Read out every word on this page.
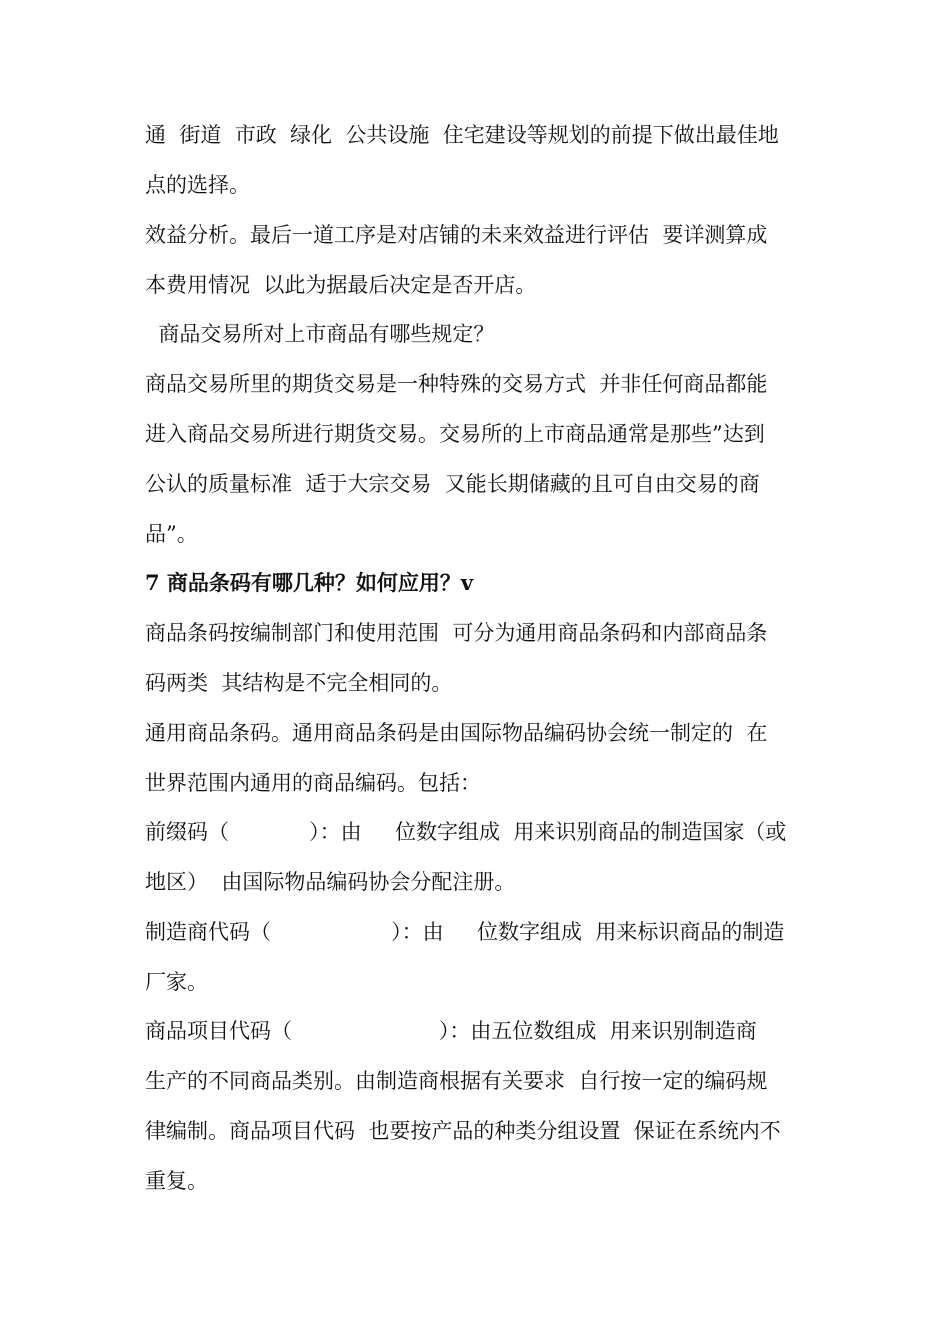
通  街道  市政  绿化  公共设施  住宅建设等规划的前提下做出最佳地
点的选择。
效益分析。最后一道工序是对店铺的未来效益进行评估  要详测算成
本费用情况  以此为据最后决定是否开店。
商品交易所对上市商品有哪些规定？
商品交易所里的期货交易是一种特殊的交易方式  并非任何商品都能
进入商品交易所进行期货交易。交易所的上市商品通常是那些”达到
公认的质量标准  适于大宗交易  又能长期储藏的且可自由交易的商
品”。
7 商品条码有哪几种？如何应用？v
商品条码按编制部门和使用范围  可分为通用商品条码和内部商品条
码两类  其结构是不完全相同的。
通用商品条码。通用商品条码是由国际物品编码协会统一制定的  在
世界范围内通用的商品编码。包括：
前缀码（            ）：由     位数字组成  用来识别商品的制造国家（或
地区）  由国际物品编码协会分配注册。
制造商代码（                  ）：由     位数字组成  用来标识商品的制造
厂家。
商品项目代码（                      ）：由五位数组成  用来识别制造商
生产的不同商品类别。由制造商根据有关要求  自行按一定的编码规
律编制。商品项目代码  也要按产品的种类分组设置  保证在系统内不
重复。
